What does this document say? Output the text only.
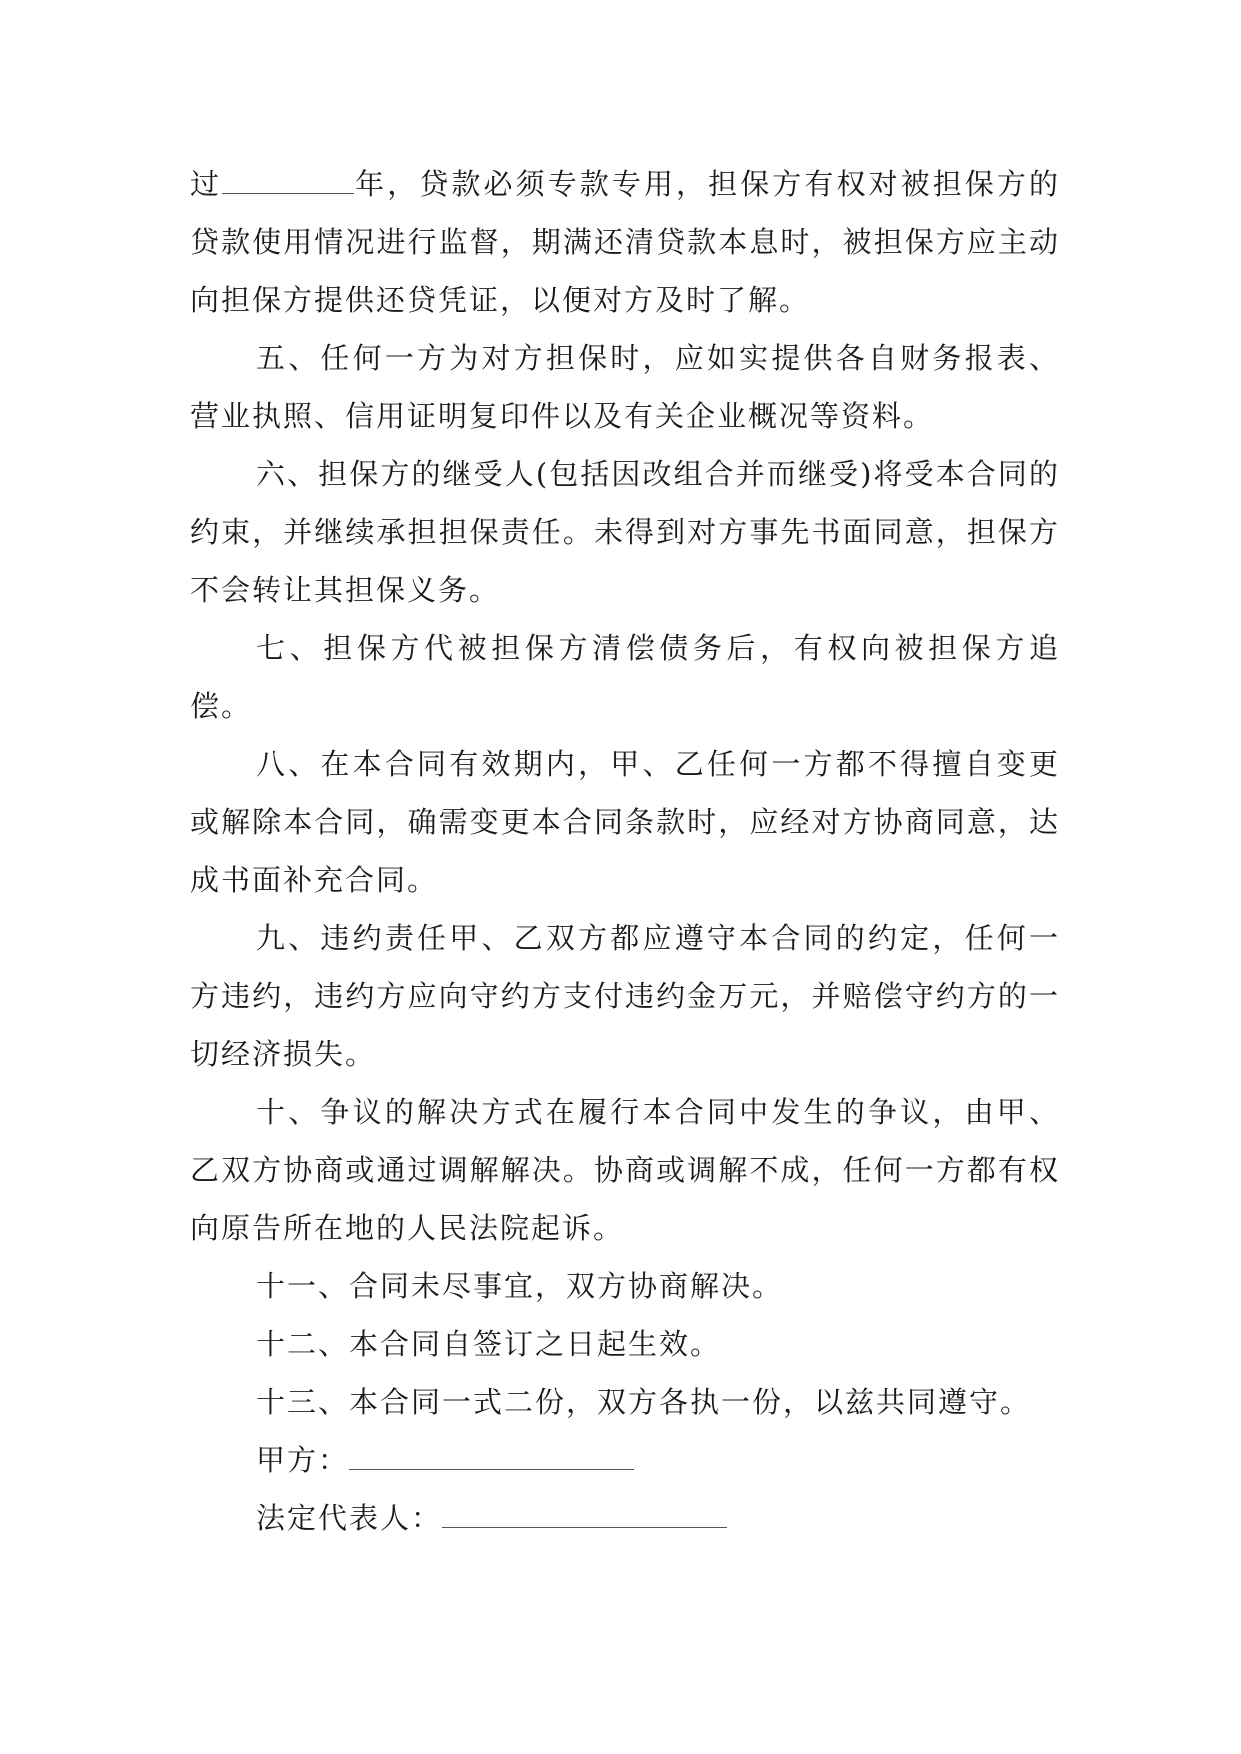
过	年，贷款必须专款专用，担保方有权对被担保方的贷款使用情况进行监督，期满还清贷款本息时，被担保方应主动向担保方提供还贷凭证，以便对方及时了解。

五、任何一方为对方担保时，应如实提供各自财务报表、营业执照、信用证明复印件以及有关企业概况等资料。

六、担保方的继受人(包括因改组合并而继受)将受本合同的约束，并继续承担担保责任。未得到对方事先书面同意，担保方不会转让其担保义务。

七、担保方代被担保方清偿债务后，有权向被担保方追偿。

八、在本合同有效期内，甲、乙任何一方都不得擅自变更或解除本合同，确需变更本合同条款时，应经对方协商同意，达成书面补充合同。

九、违约责任甲、乙双方都应遵守本合同的约定，任何一方违约，违约方应向守约方支付违约金万元，并赔偿守约方的一切经济损失。

十、争议的解决方式在履行本合同中发生的争议，由甲、乙双方协商或通过调解解决。协商或调解不成，任何一方都有权向原告所在地的人民法院起诉。

十一、合同未尽事宜，双方协商解决。

十二、本合同自签订之日起生效。

十三、本合同一式二份，双方各执一份，以兹共同遵守。

甲方：

法定代表人：
